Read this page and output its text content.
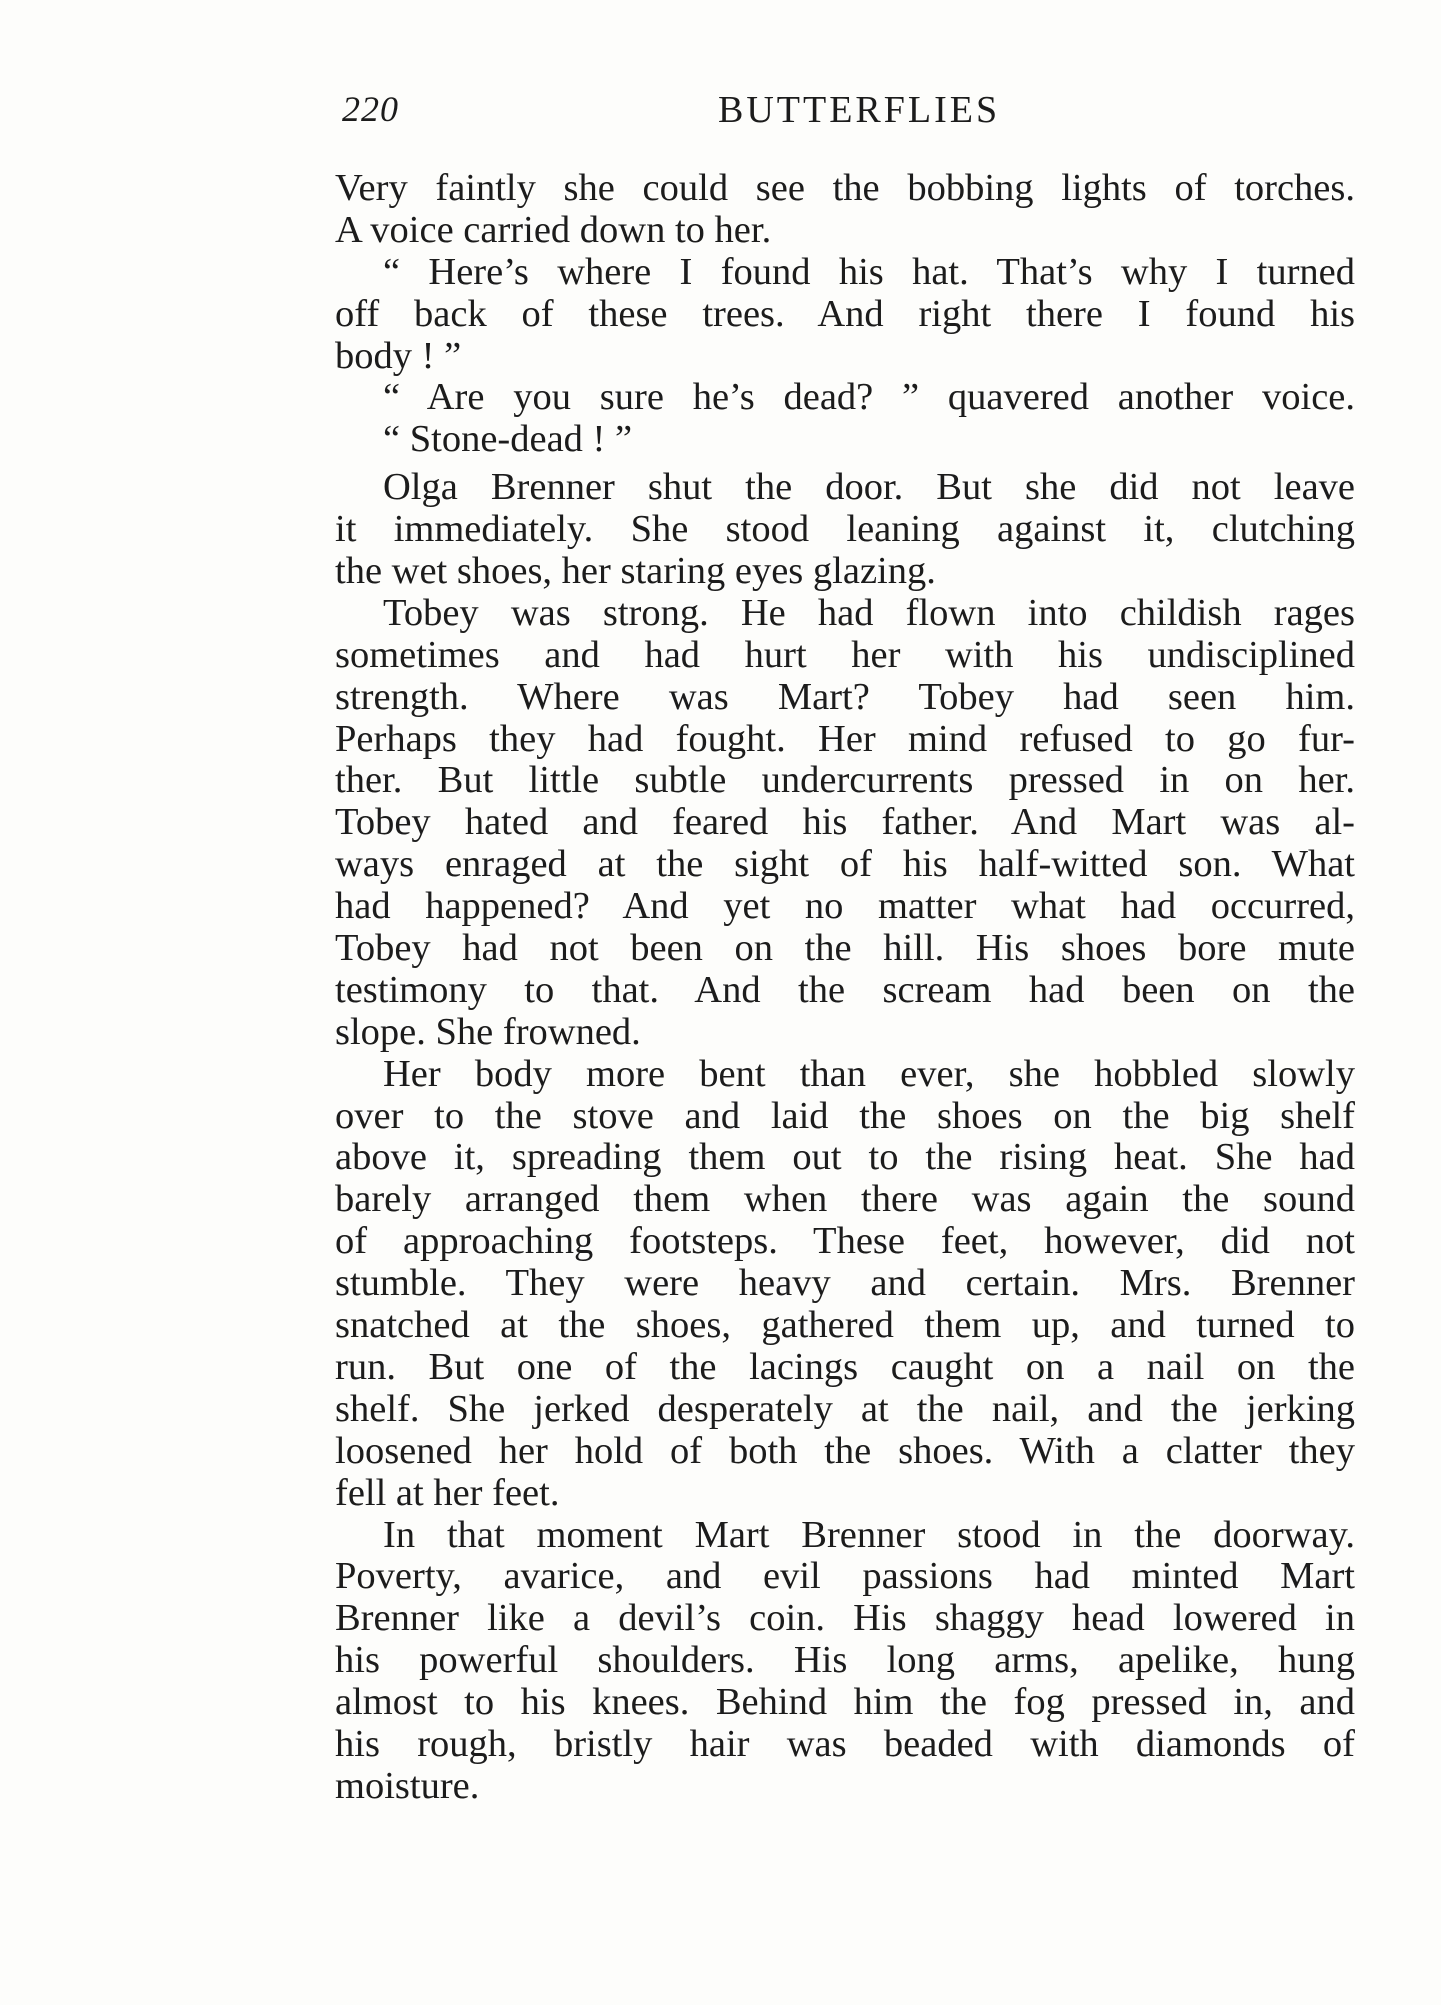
220	BUTTERFLIES
Very faintly she could see the bobbing lights of torches.
A voice carried down to her.
“ Here’s where I found his hat. That’s why I turned
off back of these trees. And right there I found his
body ! ”
“ Are you sure he’s dead? ” quavered another voice.
“ Stone-dead ! ”
Olga Brenner shut the door. But she did not leave
it immediately. She stood leaning against it, clutching
the wet shoes, her staring eyes glazing.
Tobey was strong. He had flown into childish rages
sometimes and had hurt her with his undisciplined
strength. Where was Mart? Tobey had seen him.
Perhaps they had fought. Her mind refused to go fur-
ther. But little subtle undercurrents pressed in on her.
Tobey hated and feared his father. And Mart was al-
ways enraged at the sight of his half-witted son. What
had happened? And yet no matter what had occurred,
Tobey had not been on the hill. His shoes bore mute
testimony to that. And the scream had been on the
slope. She frowned.
Her body more bent than ever, she hobbled slowly
over to the stove and laid the shoes on the big shelf
above it, spreading them out to the rising heat. She had
barely arranged them when there was again the sound
of approaching footsteps. These feet, however, did not
stumble. They were heavy and certain. Mrs. Brenner
snatched at the shoes, gathered them up, and turned to
run. But one of the lacings caught on a nail on the
shelf. She jerked desperately at the nail, and the jerking
loosened her hold of both the shoes. With a clatter they
fell at her feet.
In that moment Mart Brenner stood in the doorway.
Poverty, avarice, and evil passions had minted Mart
Brenner like a devil’s coin. His shaggy head lowered in
his powerful shoulders. His long arms, apelike, hung
almost to his knees. Behind him the fog pressed in, and
his rough, bristly hair was beaded with diamonds of
moisture.
